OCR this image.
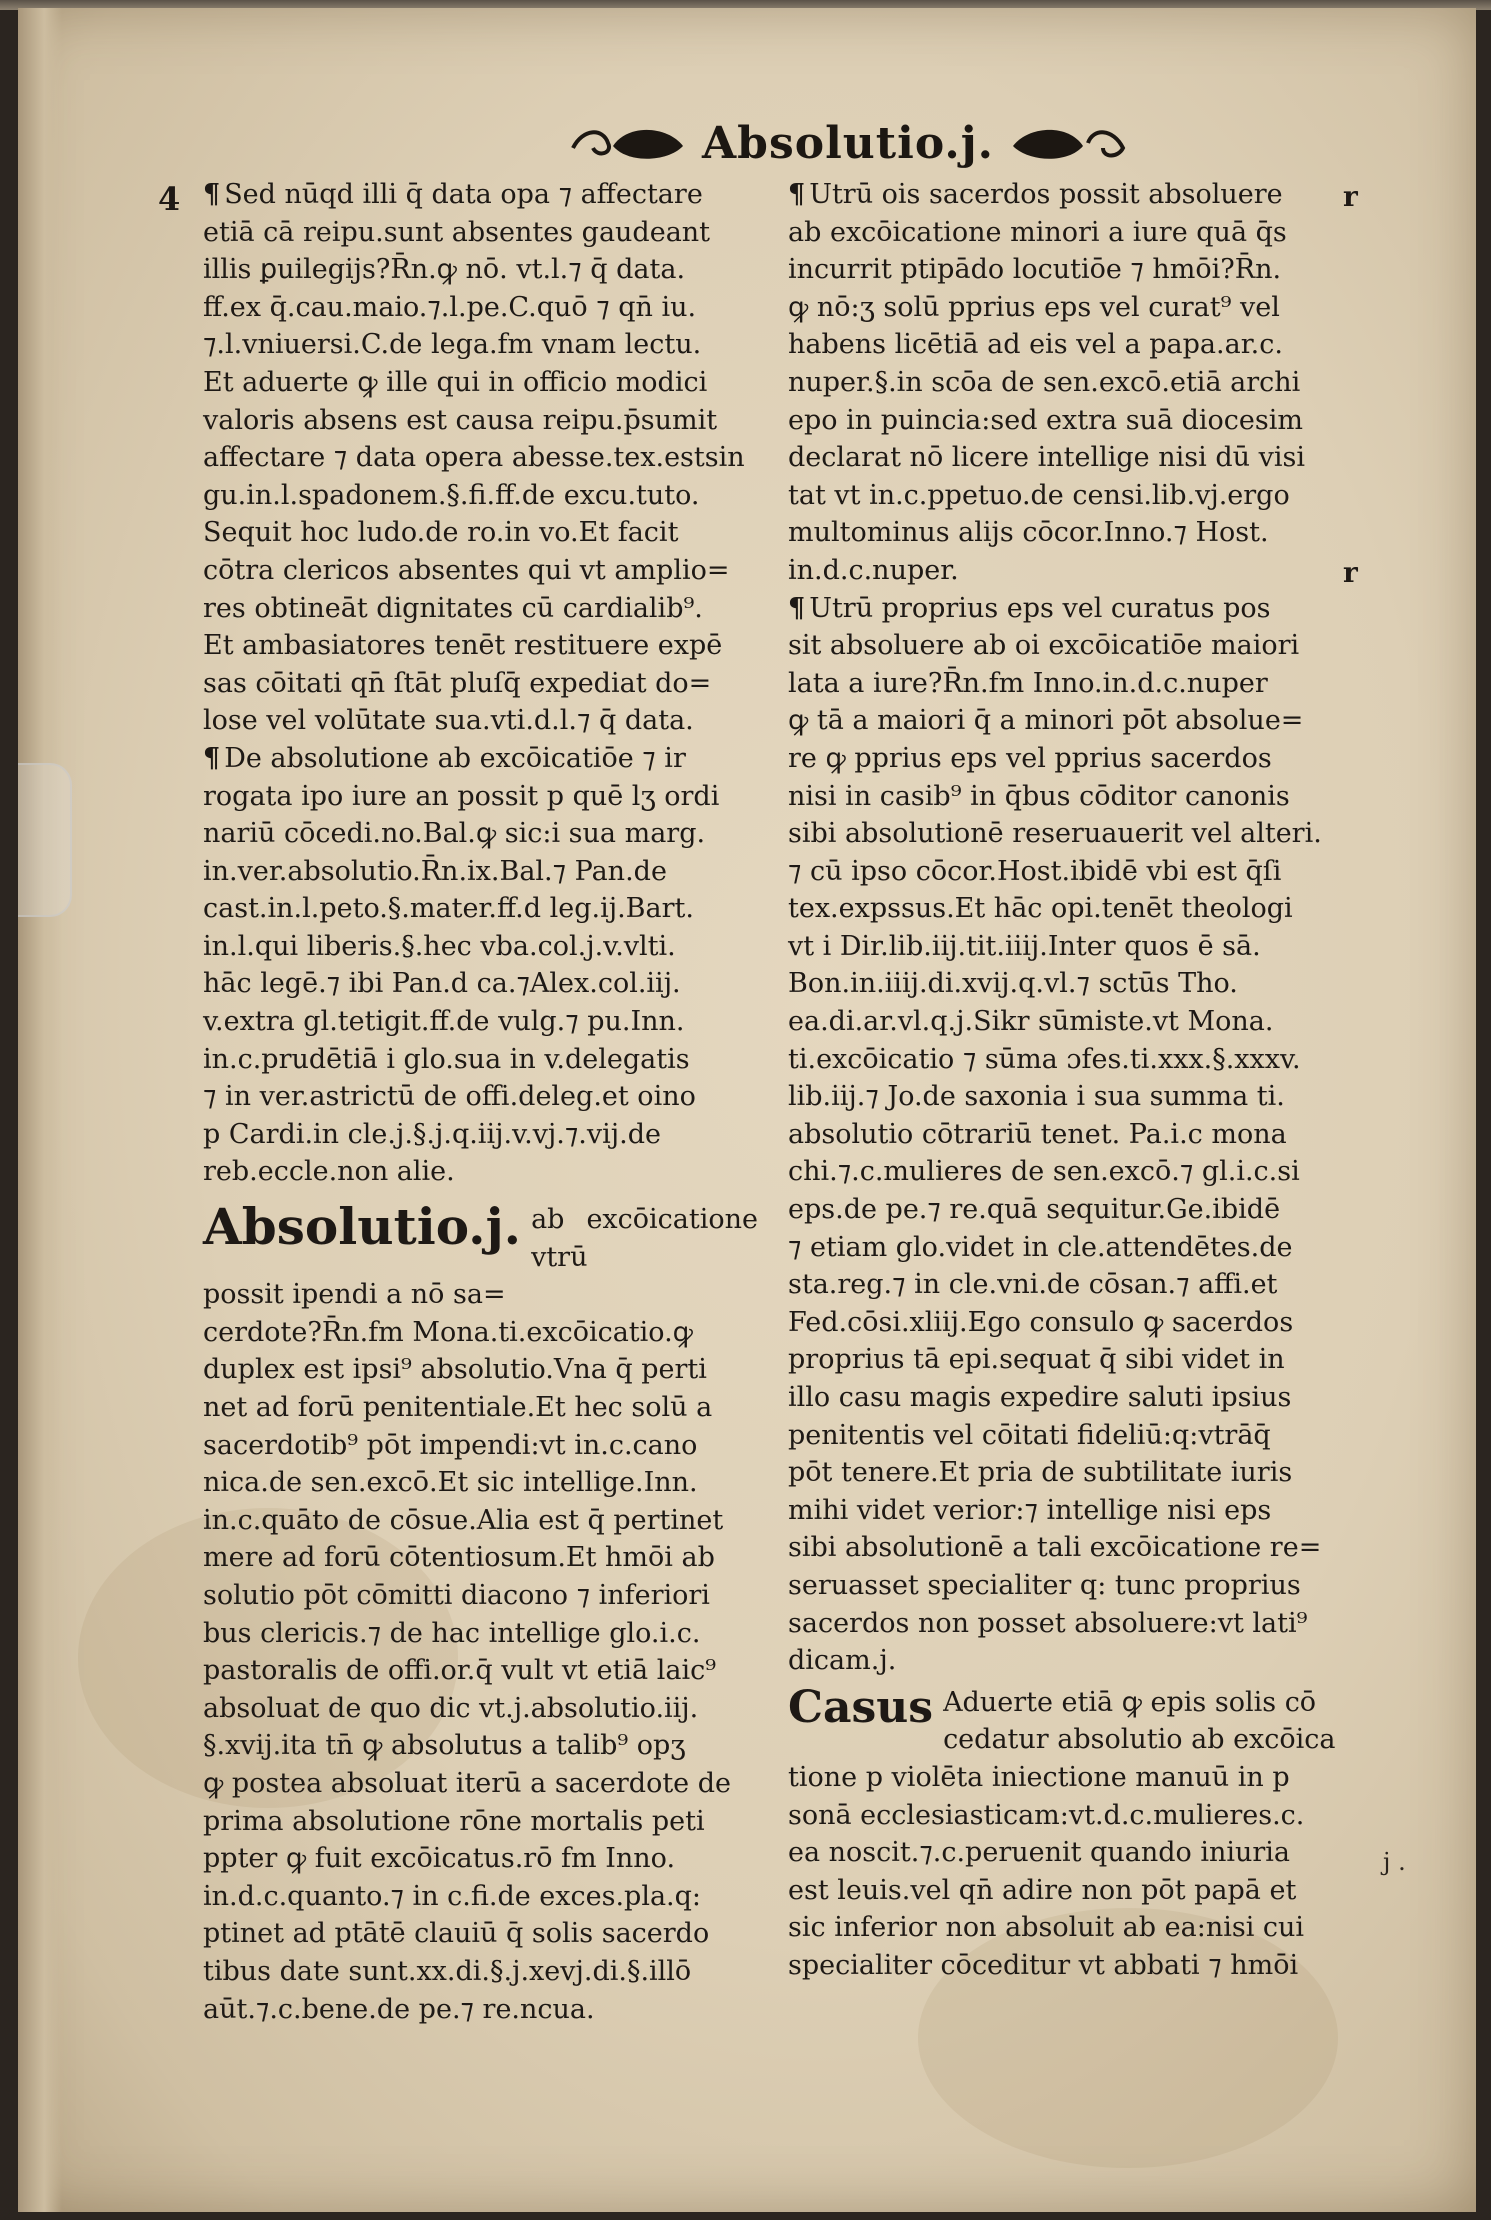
Absolutio.j.
4	r
r
j .
¶ Sed nūqd illi q̄ data opa ⁊ affectare
etiā cā reipu.sunt absentes gaudeant
illis ꝑuilegijs?R̄n.ꝙ nō. vt.l.⁊ q̄ data.
ff.ex q̄.cau.maio.⁊.l.pe.C.quō ⁊ qn̄ iu.
⁊.l.vniuersi.C.de lega.fm vnam lectu.
Et aduerte ꝙ ille qui in officio modici
valoris absens est causa reipu.p̄sumit
affectare ⁊ data opera abesse.tex.estsin
gu.in.l.spadonem.§.fi.ff.de excu.tuto.
Sequit hoc ludo.de ro.in vo.Et facit
cōtra clericos absentes qui vt amplio=
res obtineāt dignitates cū cardialib⁹.
Et ambasiatores tenēt restituere expē
sas cōitati qn̄ ſtāt pluſq̄ expediat do=
lose vel volūtate sua.vti.d.l.⁊ q̄ data.
¶ De absolutione ab excōicatiōe ⁊ ir
rogata ipo iure an possit p quē lʒ ordi
nariū cōcedi.no.Bal.ꝙ sic:i sua marg.
in.ver.absolutio.R̄n.ix.Bal.⁊ Pan.de
cast.in.l.peto.§.mater.ff.d leg.ij.Bart.
in.l.qui liberis.§.hec vba.col.j.v.vlti.
hāc legē.⁊ ibi Pan.d ca.⁊Alex.col.iij.
v.extra gl.tetigit.ff.de vulg.⁊ pu.Inn.
in.c.prudētiā i glo.sua in v.delegatis
⁊ in ver.astrictū de offi.deleg.et oino
p Cardi.in cle.j.§.j.q.iij.v.vj.⁊.vij.de
reb.eccle.non alie.
Absolutio.j. ab excōicatione vtrū
possit ipendi a nō sa=
cerdote?R̄n.fm Mona.ti.excōicatio.ꝙ
duplex est ipsi⁹ absolutio.Vna q̄ perti
net ad forū penitentiale.Et hec solū a
sacerdotib⁹ pōt impendi:vt in.c.cano
nica.de sen.excō.Et sic intellige.Inn.
in.c.quāto de cōsue.Alia est q̄ pertinet
mere ad forū cōtentiosum.Et hmōi ab
solutio pōt cōmitti diacono ⁊ inferiori
bus clericis.⁊ de hac intellige glo.i.c.
pastoralis de offi.or.q̄ vult vt etiā laic⁹
absoluat de quo dic vt.j.absolutio.iij.
§.xvij.ita tn̄ ꝙ absolutus a talib⁹ opʒ
ꝙ postea absoluat iterū a sacerdote de
prima absolutione rōne mortalis peti
ppter ꝙ fuit excōicatus.rō fm Inno.
in.d.c.quanto.⁊ in c.fi.de exces.pla.q:
ptinet ad ptātē clauiū q̄ solis sacerdo
tibus date sunt.xx.di.§.j.xevj.di.§.illō
aūt.⁊.c.bene.de pe.⁊ re.ncua.
¶ Utrū ois sacerdos possit absoluere
ab excōicatione minori a iure quā q̄s
incurrit ptipādo locutiōe ⁊ hmōi?R̄n.
ꝙ nō:ʒ solū pprius eps vel curat⁹ vel
habens licētiā ad eis vel a papa.ar.c.
nuper.§.in scōa de sen.excō.etiā archi
epo in puincia:sed extra suā diocesim
declarat nō licere intellige nisi dū visi
tat vt in.c.ppetuo.de censi.lib.vj.ergo
multominus alijs cōcor.Inno.⁊ Host.
in.d.c.nuper.
¶ Utrū proprius eps vel curatus pos
sit absoluere ab oi excōicatiōe maiori
lata a iure?R̄n.fm Inno.in.d.c.nuper
ꝙ tā a maiori q̄ a minori pōt absolue=
re ꝙ pprius eps vel pprius sacerdos
nisi in casib⁹ in q̄bus cōditor canonis
sibi absolutionē reseruauerit vel alteri.
⁊ cū ipso cōcor.Host.ibidē vbi est q̄ſi
tex.expssus.Et hāc opi.tenēt theologi
vt i Dir.lib.iij.tit.iiij.Inter quos ē sā.
Bon.in.iiij.di.xvij.q.vl.⁊ sctūs Tho.
ea.di.ar.vl.q.j.Sikr sūmiste.vt Mona.
ti.excōicatio ⁊ sūma ɔfes.ti.xxx.§.xxxv.
lib.iij.⁊ Jo.de saxonia i sua summa ti.
absolutio cōtrariū tenet. Pa.i.c mona
chi.⁊.c.mulieres de sen.excō.⁊ gl.i.c.si
eps.de pe.⁊ re.quā sequitur.Ge.ibidē
⁊ etiam glo.videt in cle.attendētes.de
sta.reg.⁊ in cle.vni.de cōsan.⁊ affi.et
Fed.cōsi.xliij.Ego consulo ꝙ sacerdos
proprius tā epi.sequat q̄ sibi videt in
illo casu magis expedire saluti ipsius
penitentis vel cōitati fideliū:q:vtrāq̄
pōt tenere.Et pria de subtilitate iuris
mihi videt verior:⁊ intellige nisi eps
sibi absolutionē a tali excōicatione re=
seruasset specialiter q: tunc proprius
sacerdos non posset absoluere:vt lati⁹
dicam.j.
Casus Aduerte etiā ꝙ epis solis cō
cedatur absolutio ab excōica
tione p violēta iniectione manuū in p
sonā ecclesiasticam:vt.d.c.mulieres.c.
ea noscit.⁊.c.peruenit quando iniuria
est leuis.vel qn̄ adire non pōt papā et
sic inferior non absoluit ab ea:nisi cui
specialiter cōceditur vt abbati ⁊ hmōi
